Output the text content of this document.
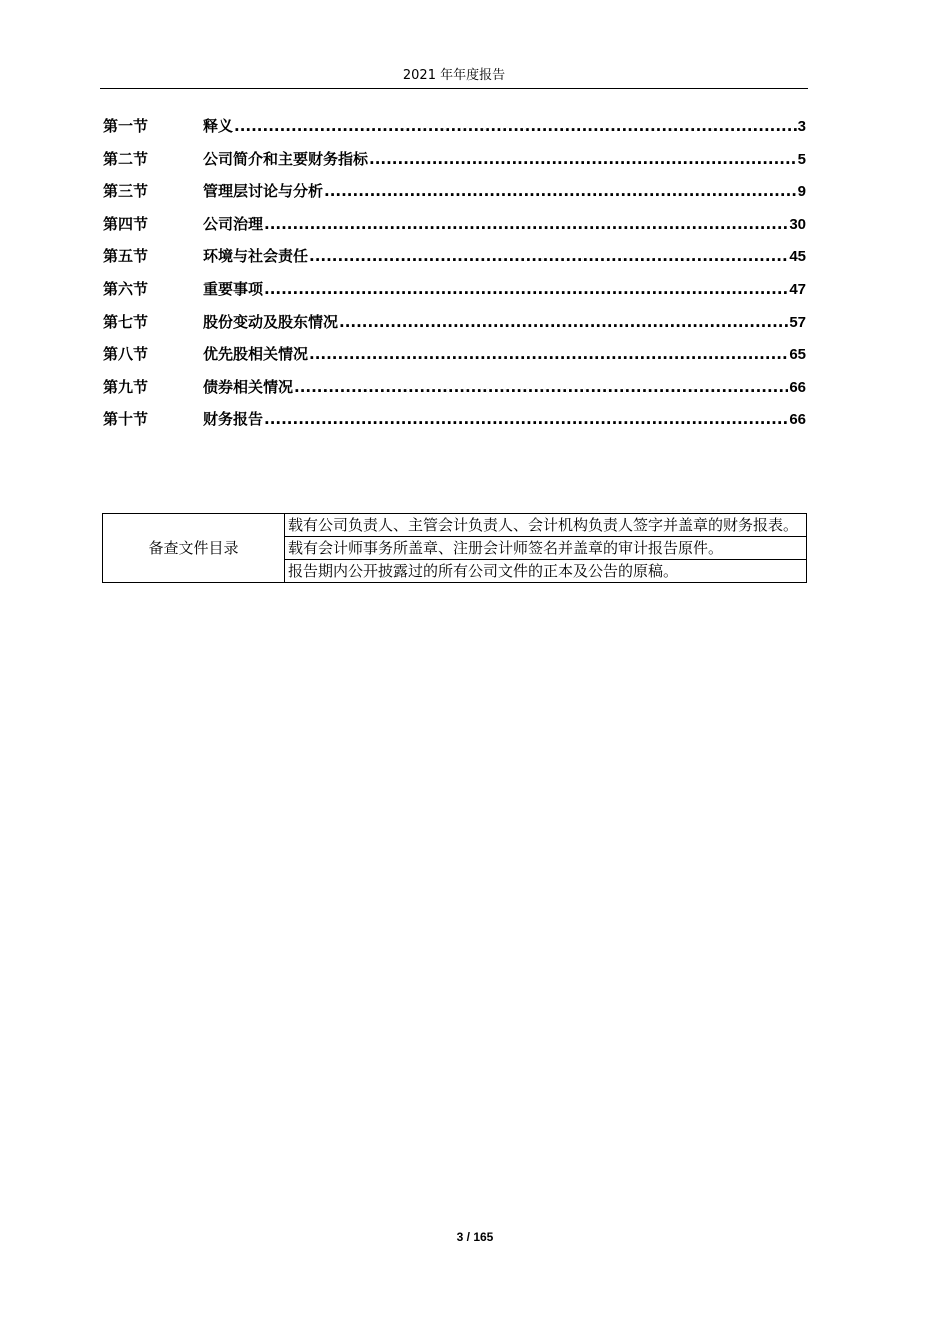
2021 年年度报告
第一节	释义 .....	3
第二节	公司简介和主要财务指标 .....	5
第三节	管理层讨论与分析 .....	9
第四节	公司治理 .....	30
第五节	环境与社会责任 .....	45
第六节	重要事项 .....	47
第七节	股份变动及股东情况 .....	57
第八节	优先股相关情况 .....	65
第九节	债券相关情况 .....	66
第十节	财务报告 .....	66
备查文件目录	载有公司负责人、主管会计负责人、会计机构负责人签字并盖章的财务报表。
载有会计师事务所盖章、注册会计师签名并盖章的审计报告原件。
报告期内公开披露过的所有公司文件的正本及公告的原稿。
3 / 165
